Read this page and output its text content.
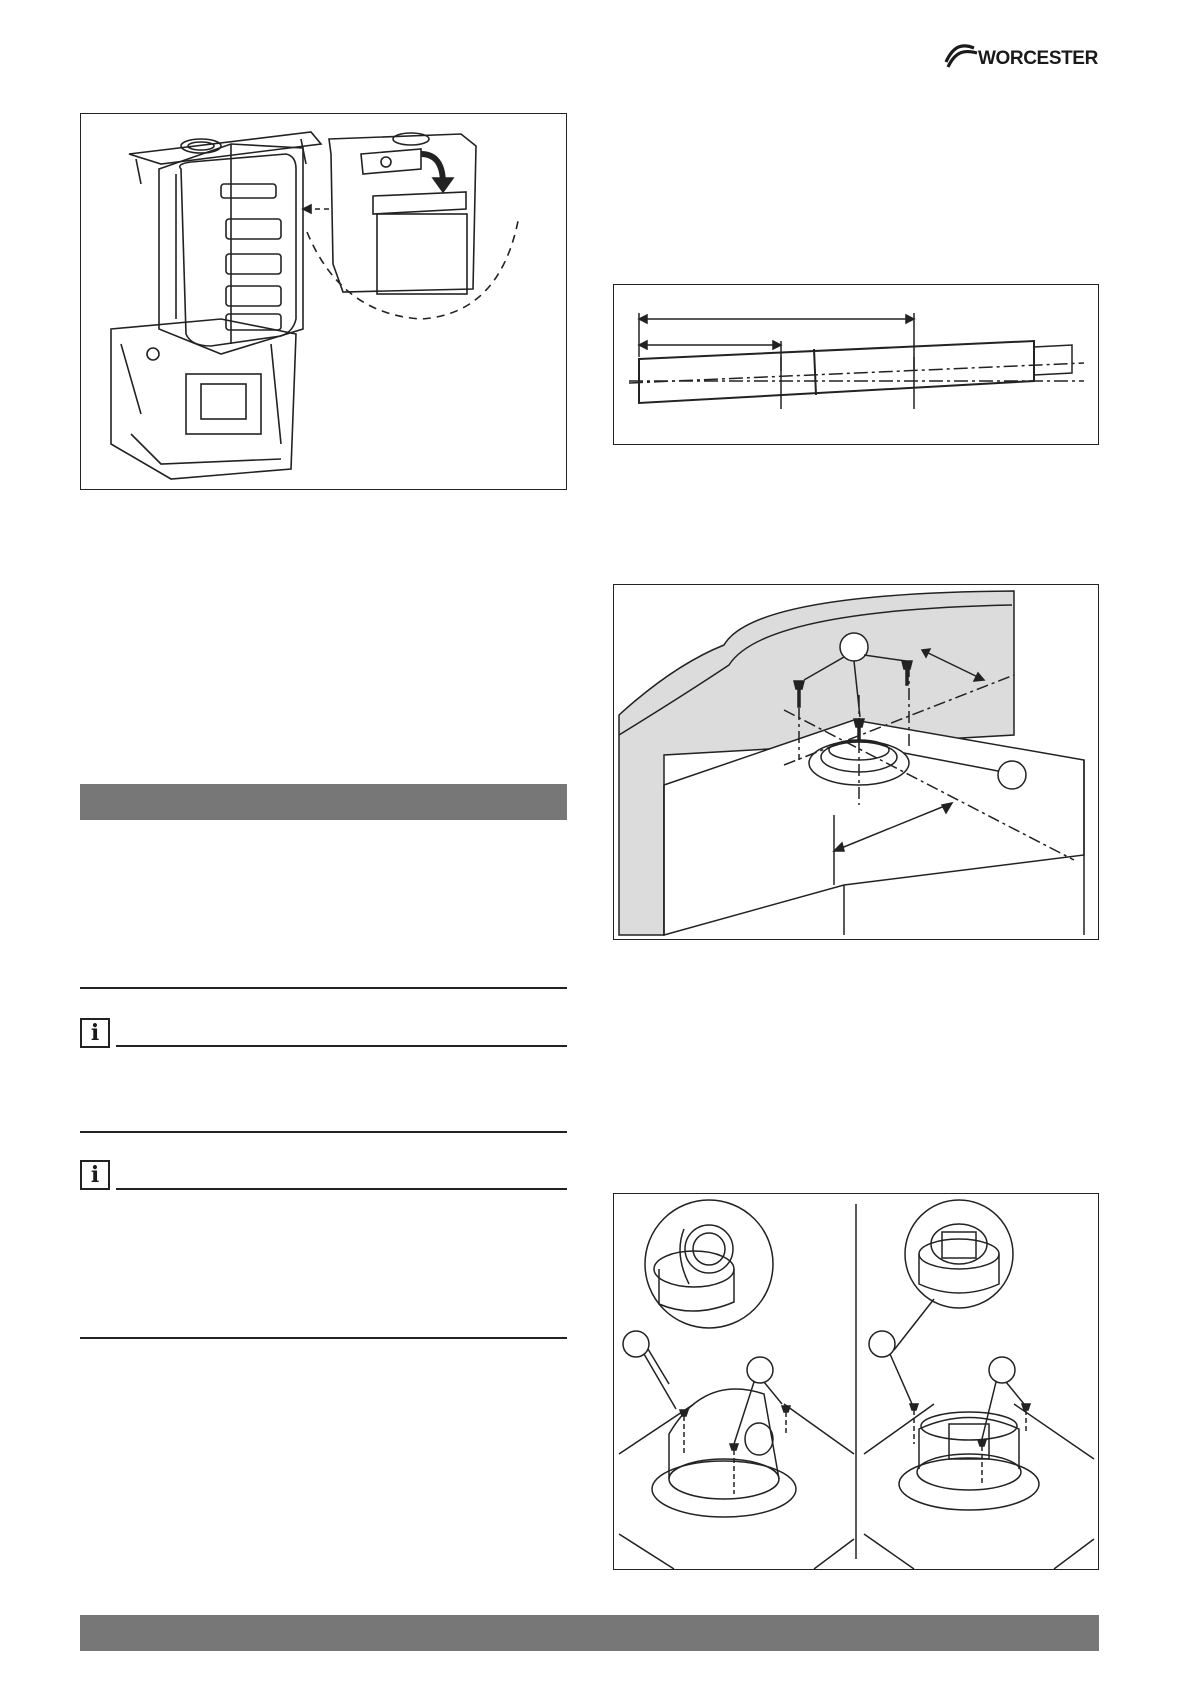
WORCESTER
i
i
